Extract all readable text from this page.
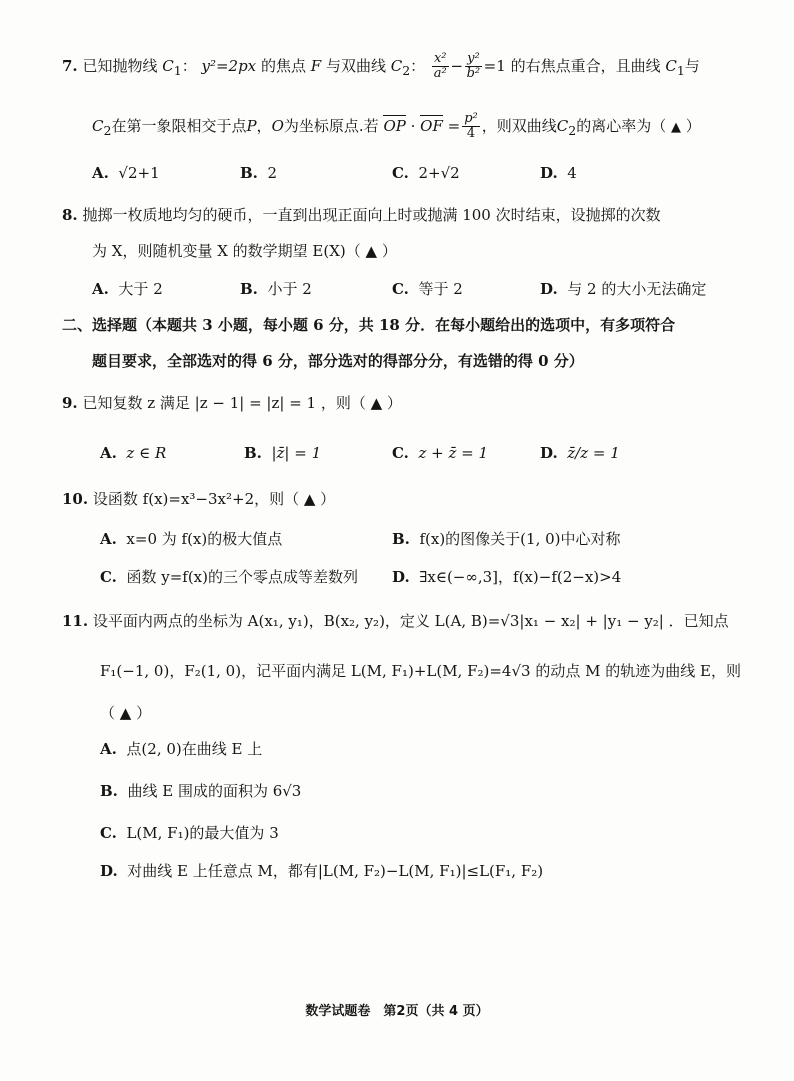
7. 已知抛物线 $C_1$： y²=2px 的焦点 F 与双曲线 $C_2$： $\frac{\text{x²}}{\text{a²}} - \frac{\text{y²}}{\text{b²}} =1$ 的右焦点重合，且曲线 $C_1$与
$C_2$在第一象限相交于点P，O为坐标原点.若 OP · OF = $\frac{\text{p²}}{4}$ ，则双曲线$C_2$的离心率为（ ▲ ）
A. √2+1	B. 2	C. 2+√2	D. 4
8. 抛掷一枚质地均匀的硬币，一直到出现正面向上时或抛满 100 次时结束，设抛掷的次数
为 X，则随机变量 X 的数学期望 E(X)（ ▲ ）
A. 大于 2	B. 小于 2	C. 等于 2	D. 与 2 的大小无法确定
二、选择题（本题共 3 小题，每小题 6 分，共 18 分．在每小题给出的选项中，有多项符合
题目要求，全部选对的得 6 分，部分选对的得部分分，有选错的得 0 分）
9. 已知复数 z 满足 |z − 1| = |z| = 1 ，则（ ▲ ）
A. z ∈ R	B. |z̄| = 1	C. z + z̄ = 1	D. z̄/z = 1
10. 设函数 f(x)=x³−3x²+2，则（ ▲ ）
A. x=0 为 f(x)的极大值点	B. f(x)的图像关于(1, 0)中心对称
C. 函数 y=f(x)的三个零点成等差数列 D. ∃x∈(−∞,3]，f(x)−f(2−x)>4
11. 设平面内两点的坐标为 A(x₁, y₁)，B(x₂, y₂)，定义 L(A, B)=√3|x₁ − x₂| + |y₁ − y₂| ．已知点
F₁(−1, 0)，F₂(1, 0)，记平面内满足 L(M, F₁)+L(M, F₂)=4√3 的动点 M 的轨迹为曲线 E，则
（ ▲ ）
A. 点(2, 0)在曲线 E 上
B. 曲线 E 围成的面积为 6√3
C. L(M, F₁)的最大值为 3
D. 对曲线 E 上任意点 M，都有|L(M, F₂)−L(M, F₁)|≤L(F₁, F₂)
数学试题卷　第2页（共 4 页）
